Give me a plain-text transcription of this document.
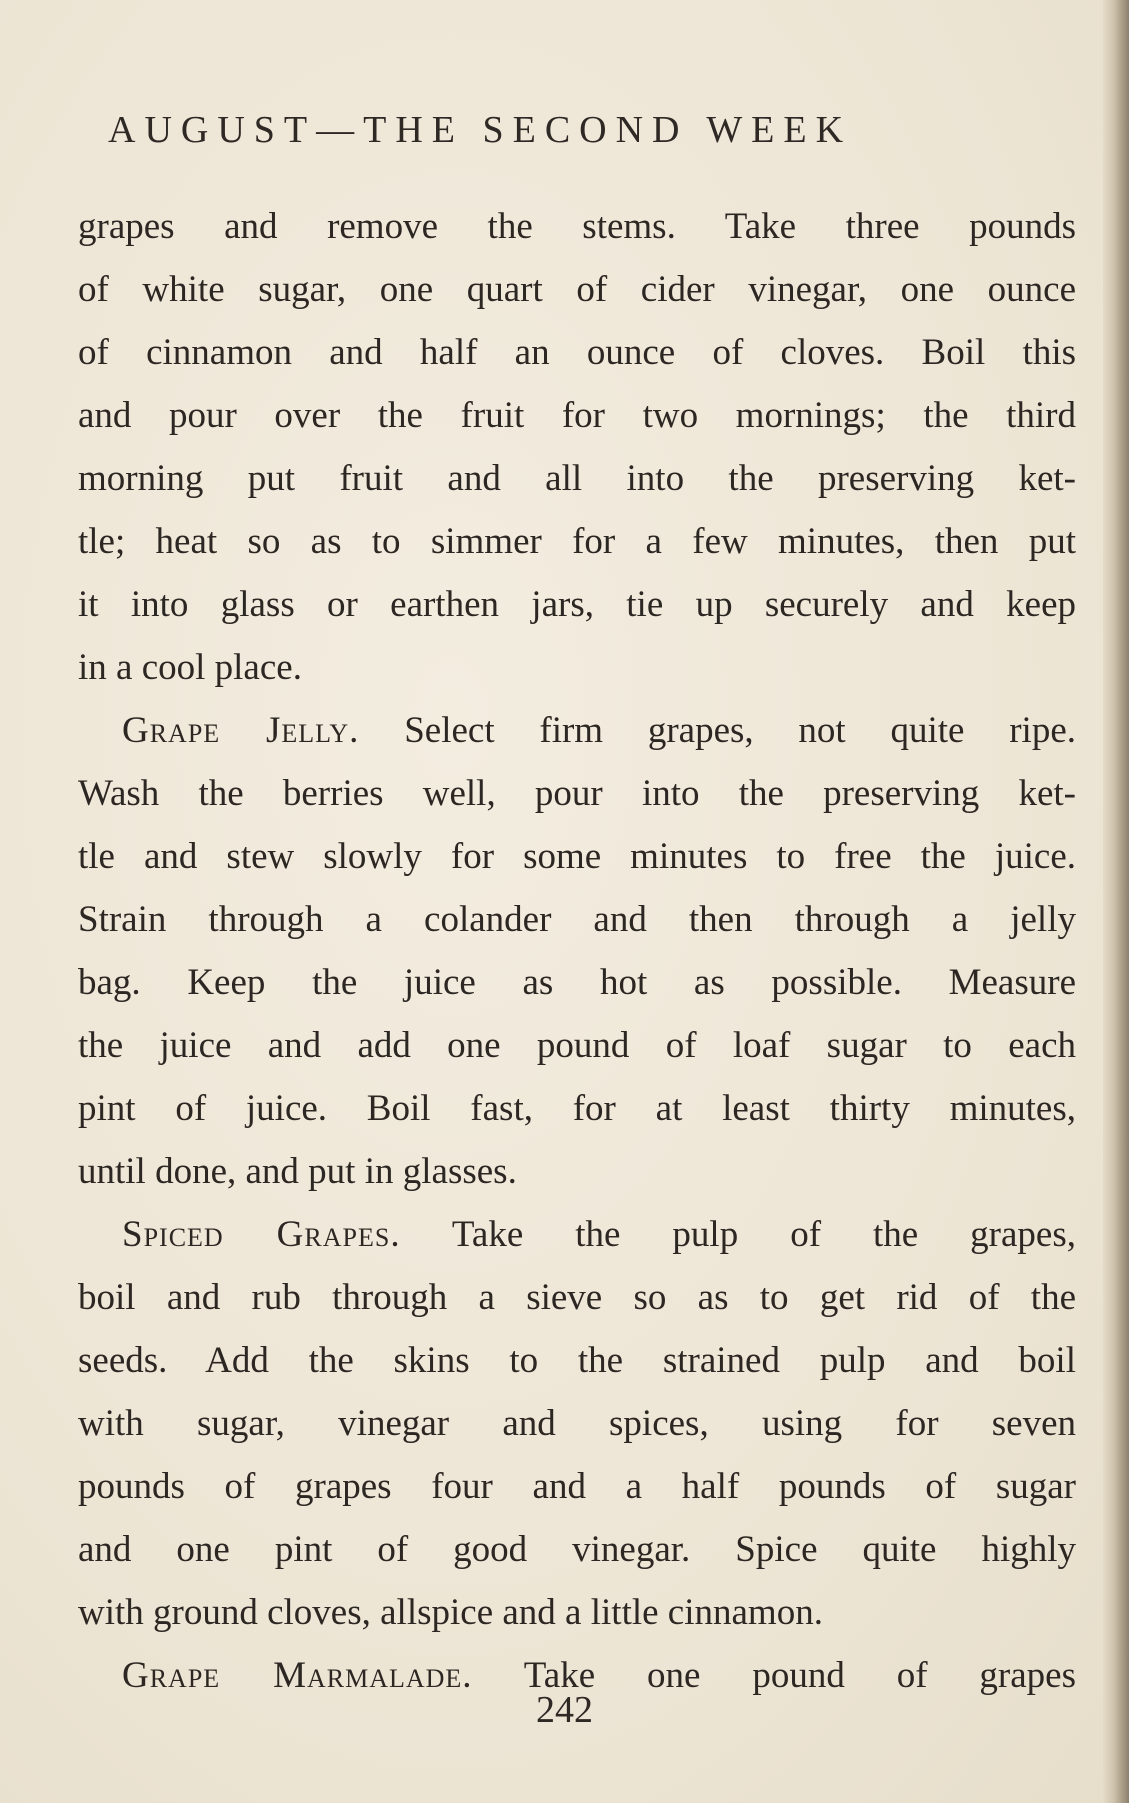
AUGUST—THE SECOND WEEK
grapes and remove the stems. Take three pounds
of white sugar, one quart of cider vinegar, one ounce
of cinnamon and half an ounce of cloves. Boil this
and pour over the fruit for two mornings; the third
morning put fruit and all into the preserving ket-
tle; heat so as to simmer for a few minutes, then put
it into glass or earthen jars, tie up securely and keep
in a cool place.
Grape Jelly. Select firm grapes, not quite ripe.
Wash the berries well, pour into the preserving ket-
tle and stew slowly for some minutes to free the juice.
Strain through a colander and then through a jelly
bag. Keep the juice as hot as possible. Measure
the juice and add one pound of loaf sugar to each
pint of juice. Boil fast, for at least thirty minutes,
until done, and put in glasses.
Spiced Grapes. Take the pulp of the grapes,
boil and rub through a sieve so as to get rid of the
seeds. Add the skins to the strained pulp and boil
with sugar, vinegar and spices, using for seven
pounds of grapes four and a half pounds of sugar
and one pint of good vinegar. Spice quite highly
with ground cloves, allspice and a little cinnamon.
Grape Marmalade. Take one pound of grapes
242
